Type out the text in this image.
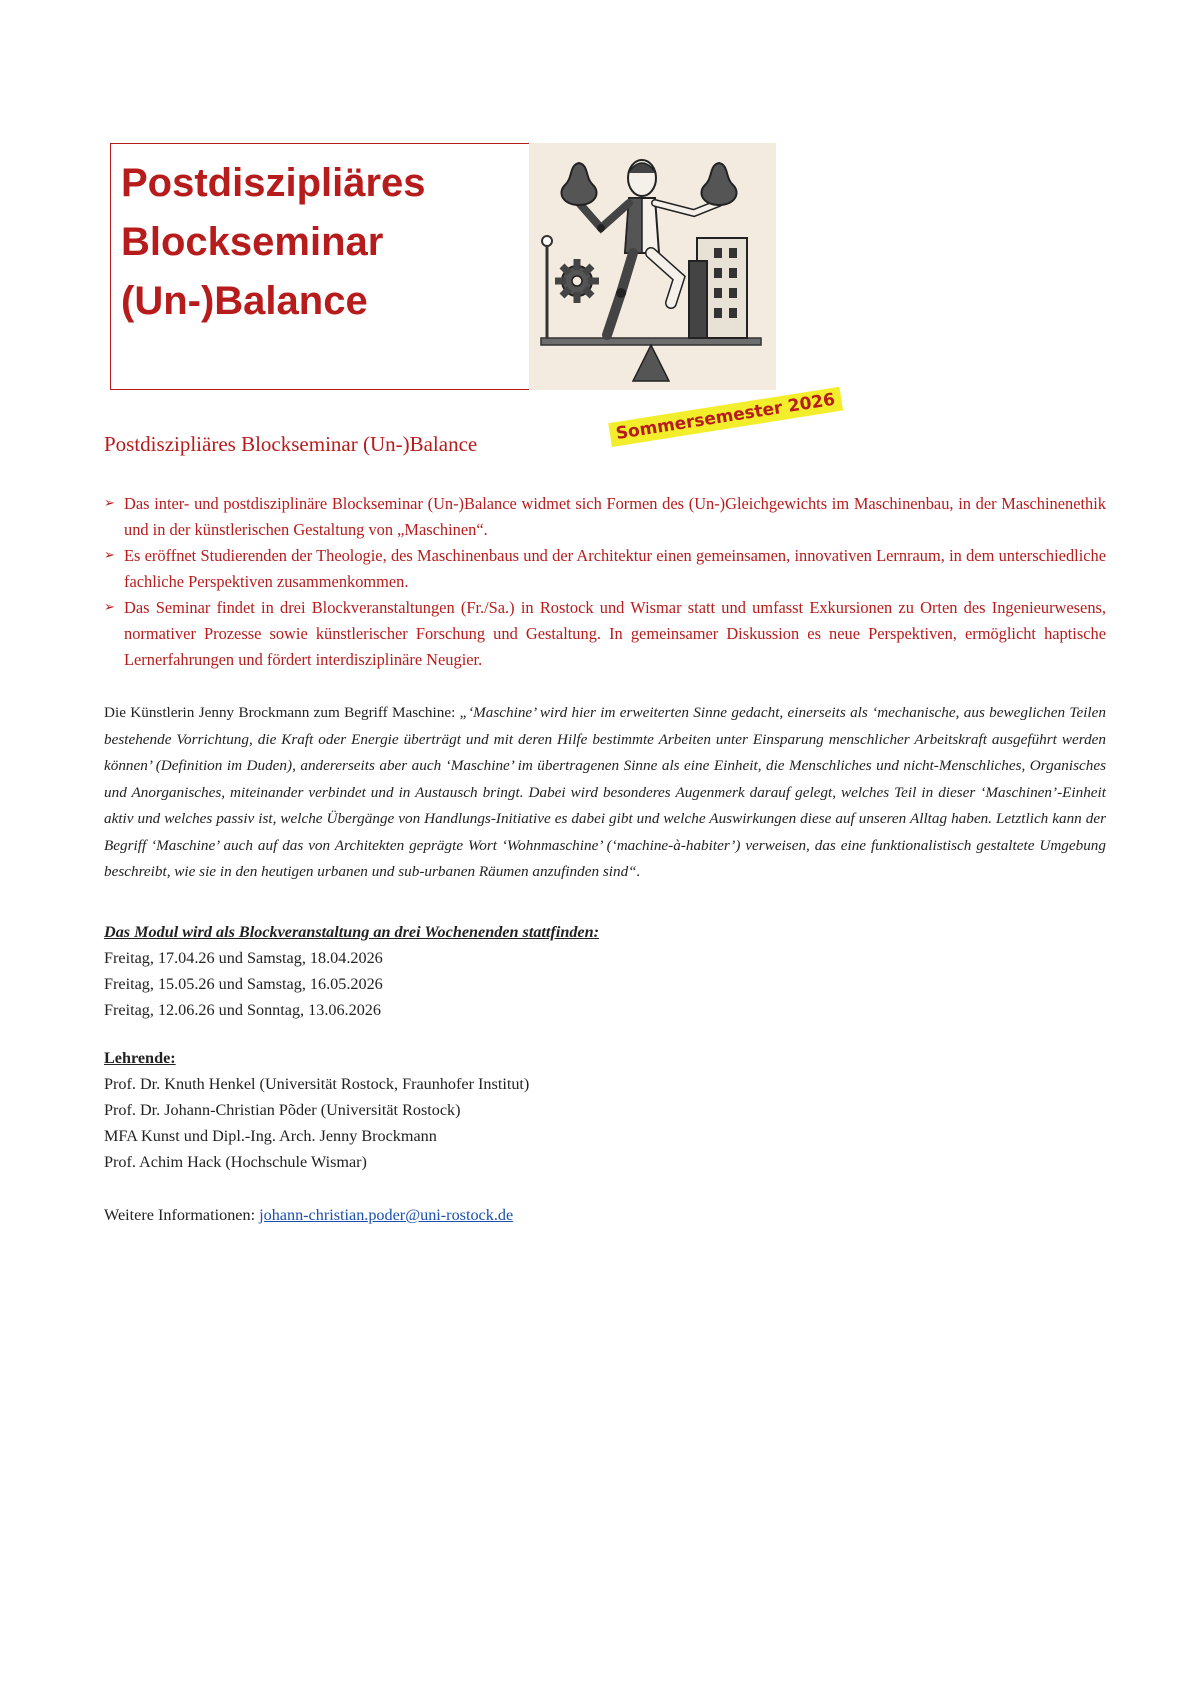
Postdiszipliäres
Blockseminar
(Un-)Balance
Postdiszipliäres Blockseminar (Un-)Balance	Sommersemester 2026

➢ Das inter- und postdisziplinäre Blockseminar (Un-)Balance widmet sich Formen des (Un-)Gleichgewichts im Maschinenbau, in der Maschinenethik und in der künstlerischen Gestaltung von „Maschinen“.

➢ Es eröffnet Studierenden der Theologie, des Maschinenbaus und der Architektur einen gemeinsamen, innovativen Lernraum, in dem unterschiedliche fachliche Perspektiven zusammenkommen.

➢ Das Seminar findet in drei Blockveranstaltungen (Fr./Sa.) in Rostock und Wismar statt und umfasst Exkursionen zu Orten des Ingenieurwesens, normativer Prozesse sowie künstlerischer Forschung und Gestaltung. In gemeinsamer Diskussion es neue Perspektiven, ermöglicht haptische Lernerfahrungen und fördert interdisziplinäre Neugier.

Die Künstlerin Jenny Brockmann zum Begriff Maschine: „‘Maschine’ wird hier im erweiterten Sinne gedacht, einerseits als ‘mechanische, aus beweglichen Teilen bestehende Vorrichtung, die Kraft oder Energie überträgt und mit deren Hilfe bestimmte Arbeiten unter Einsparung menschlicher Arbeitskraft ausgeführt werden können’ (Definition im Duden), andererseits aber auch ‘Maschine’ im übertragenen Sinne als eine Einheit, die Menschliches und nicht-Menschliches, Organisches und Anorganisches, miteinander verbindet und in Austausch bringt. Dabei wird besonderes Augenmerk darauf gelegt, welches Teil in dieser ‘Maschinen’-Einheit aktiv und welches passiv ist, welche Übergänge von Handlungs-Initiative es dabei gibt und welche Auswirkungen diese auf unseren Alltag haben. Letztlich kann der Begriff ‘Maschine’ auch auf das von Architekten geprägte Wort ‘Wohnmaschine’ (‘machine-à-habiter’) verweisen, das eine funktionalistisch gestaltete Umgebung beschreibt, wie sie in den heutigen urbanen und sub-urbanen Räumen anzufinden sind“.
Das Modul wird als Blockveranstaltung an drei Wochenenden stattfinden:
Freitag, 17.04.26 und Samstag, 18.04.2026
Freitag, 15.05.26 und Samstag, 16.05.2026
Freitag, 12.06.26 und Sonntag, 13.06.2026
Lehrende:
Prof. Dr. Knuth Henkel (Universität Rostock, Fraunhofer Institut)
Prof. Dr. Johann-Christian Põder (Universität Rostock)
MFA Kunst und Dipl.-Ing. Arch. Jenny Brockmann
Prof. Achim Hack (Hochschule Wismar)
Weitere Informationen: johann-christian.poder@uni-rostock.de
